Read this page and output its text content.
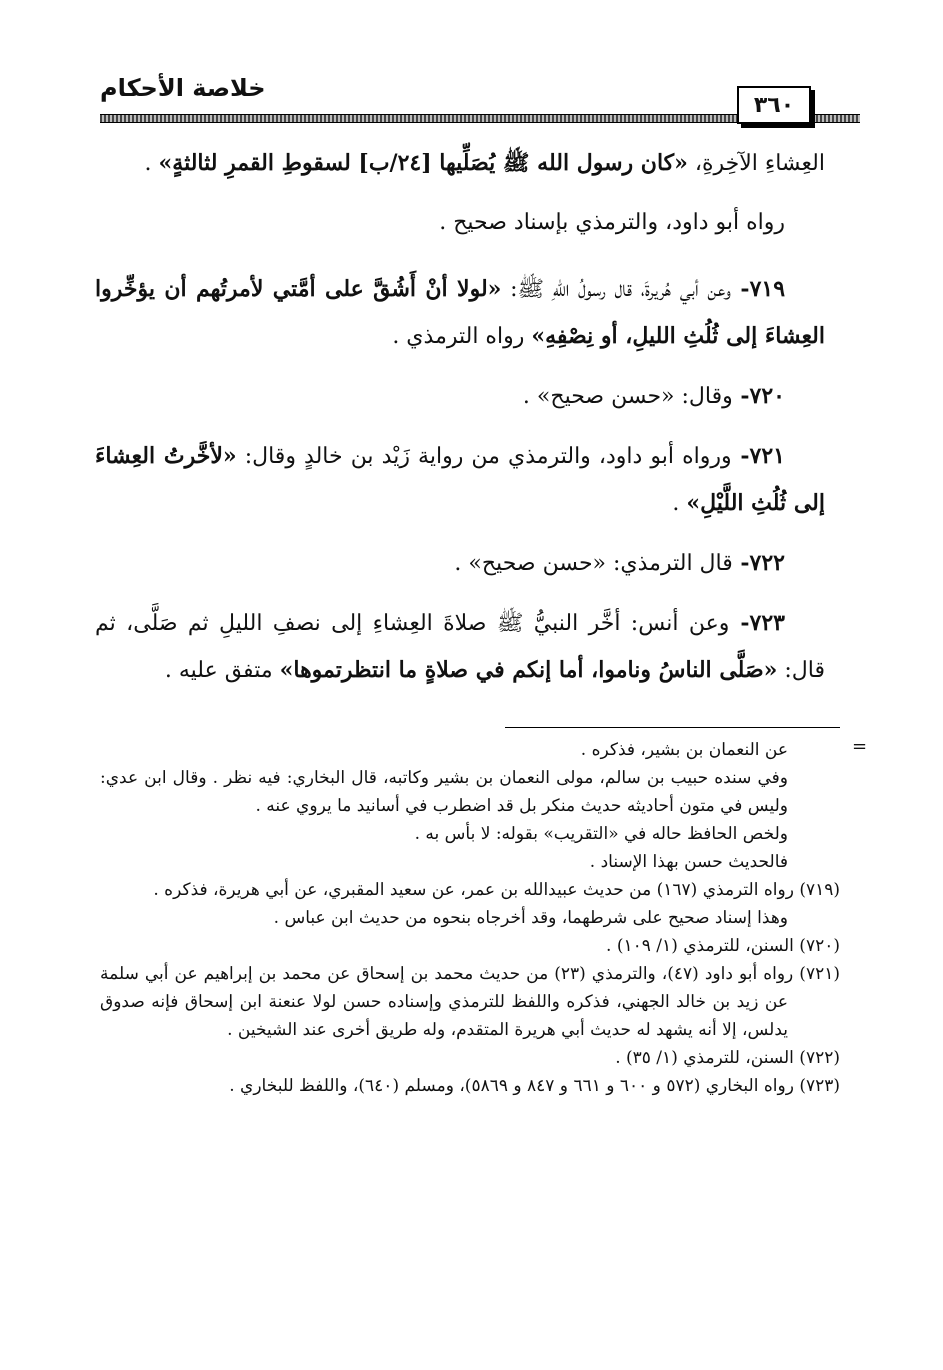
خلاصة الأحكام
٣٦٠

العِشاءِ الآخِرةِ، «كان رسول الله ﷺ يُصَلِّيها [٢٤/ب] لسقوطِ القمرِ لثالثةٍ» .

رواه أبو داود، والترمذي بإسناد صحيح .

٧١٩- وعن أبي هُريرةَ، قال رسولُ اللهِ ﷺ: «لولا أنْ أَشُقَّ على أمَّتي لأمرتُهم أن يؤخِّروا العِشاءَ إلى ثُلُثِ الليلِ، أو نِصْفِهِ» رواه الترمذي .

٧٢٠- وقال: «حسن صحيح» .

٧٢١- ورواه أبو داود، والترمذي من رواية زَيْد بن خالدٍ وقال: «لأخَّرتُ العِشاءَ إلى ثُلُثِ اللَّيْلِ» .

٧٢٢- قال الترمذي: «حسن صحيح» .

٧٢٣- وعن أنس: أخَّر النبيُّ ﷺ صلاةَ العِشاءِ إلى نصفِ الليلِ ثم صَلَّى، ثم قال: «صَلَّى الناسُ وناموا، أما إنكم في صلاةٍ ما انتظرتموها» متفق عليه .

=

عن النعمان بن بشير، فذكره .

وفي سنده حبيب بن سالم، مولى النعمان بن بشير وكاتبه، قال البخاري: فيه نظر . وقال ابن عدي: وليس في متون أحاديثه حديث منكر بل قد اضطرب في أسانيد ما يروي عنه .

ولخص الحافظ حاله في «التقريب» بقوله: لا بأس به .

فالحديث حسن بهذا الإسناد .

(٧١٩) رواه الترمذي (١٦٧) من حديث عبيدالله بن عمر، عن سعيد المقبري، عن أبي هريرة، فذكره .

وهذا إسناد صحيح على شرطهما، وقد أخرجاه بنحوه من حديث ابن عباس .

(٧٢٠) السنن، للترمذي (١/ ١٠٩) .

(٧٢١) رواه أبو داود (٤٧)، والترمذي (٢٣) من حديث محمد بن إسحاق عن محمد بن إبراهيم عن أبي سلمة عن زيد بن خالد الجهني، فذكره واللفظ للترمذي وإسناده حسن لولا عنعنة ابن إسحاق فإنه صدوق يدلس، إلا أنه يشهد له حديث أبي هريرة المتقدم، وله طريق أخرى عند الشيخين .

(٧٢٢) السنن، للترمذي (١/ ٣٥) .

(٧٢٣) رواه البخاري (٥٧٢ و ٦٠٠ و ٦٦١ و ٨٤٧ و ٥٨٦٩)، ومسلم (٦٤٠)، واللفظ للبخاري .
